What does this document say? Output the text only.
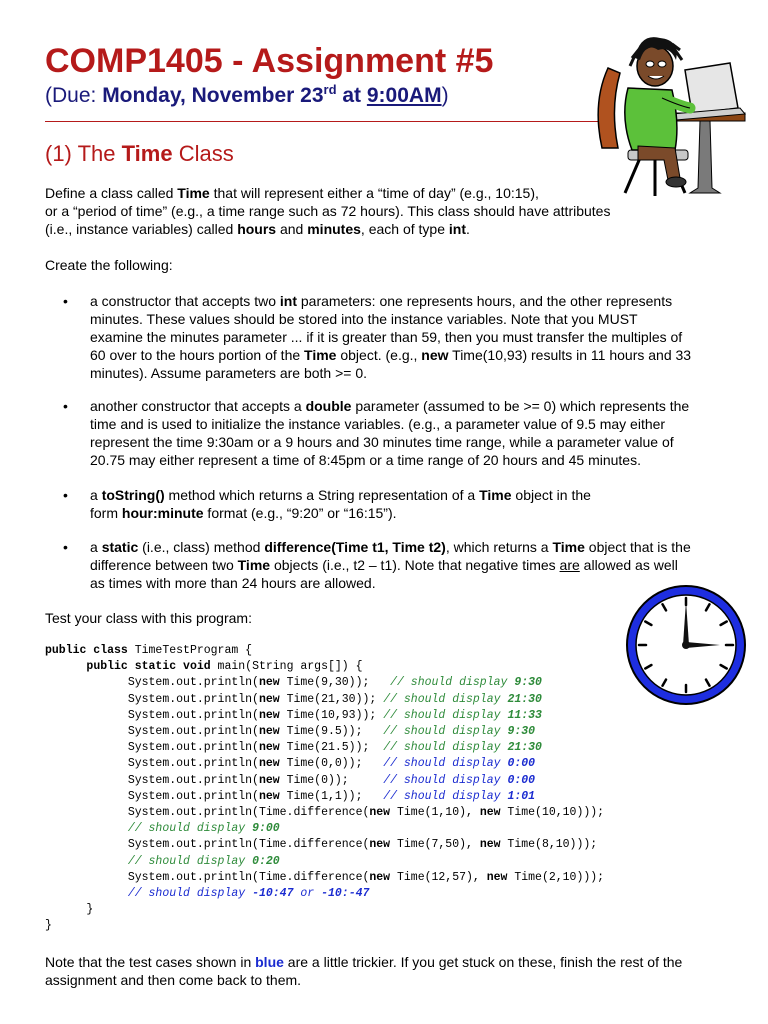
COMP1405 - Assignment #5
(Due: Monday, November 23rd at 9:00AM)
(1) The Time Class
Define a class called Time that will represent either a “time of day” (e.g., 10:15),
or a “period of time” (e.g., a time range such as 72 hours). This class should have attributes
(i.e., instance variables) called hours and minutes, each of type int.
Create the following:
• a constructor that accepts two int parameters: one represents hours, and the other represents
minutes. These values should be stored into the instance variables. Note that you MUST
examine the minutes parameter ... if it is greater than 59, then you must transfer the multiples of
60 over to the hours portion of the Time object. (e.g., new Time(10,93) results in 11 hours and 33
minutes). Assume parameters are both >= 0.
• another constructor that accepts a double parameter (assumed to be >= 0) which represents the
time and is used to initialize the instance variables. (e.g., a parameter value of 9.5 may either
represent the time 9:30am or a 9 hours and 30 minutes time range, while a parameter value of
20.75 may either represent a time of 8:45pm or a time range of 20 hours and 45 minutes.
• a toString() method which returns a String representation of a Time object in the
form hour:minute format (e.g., “9:20” or “16:15”).
• a static (i.e., class) method difference(Time t1, Time t2), which returns a Time object that is the
difference between two Time objects (i.e., t2 – t1). Note that negative times are allowed as well
as times with more than 24 hours are allowed.
Test your class with this program:
public class TimeTestProgram {
public static void main(String args[]) {
System.out.println(new Time(9,30));   // should display 9:30
System.out.println(new Time(21,30)); // should display 21:30
System.out.println(new Time(10,93)); // should display 11:33
System.out.println(new Time(9.5));   // should display 9:30
System.out.println(new Time(21.5));  // should display 21:30
System.out.println(new Time(0,0));   // should display 0:00
System.out.println(new Time(0));     // should display 0:00
System.out.println(new Time(1,1));   // should display 1:01
System.out.println(Time.difference(new Time(1,10), new Time(10,10)));
// should display 9:00
System.out.println(Time.difference(new Time(7,50), new Time(8,10)));
// should display 0:20
System.out.println(Time.difference(new Time(12,57), new Time(2,10)));
// should display -10:47 or -10:-47
}
}
Note that the test cases shown in blue are a little trickier. If you get stuck on these, finish the rest of the
assignment and then come back to them.
